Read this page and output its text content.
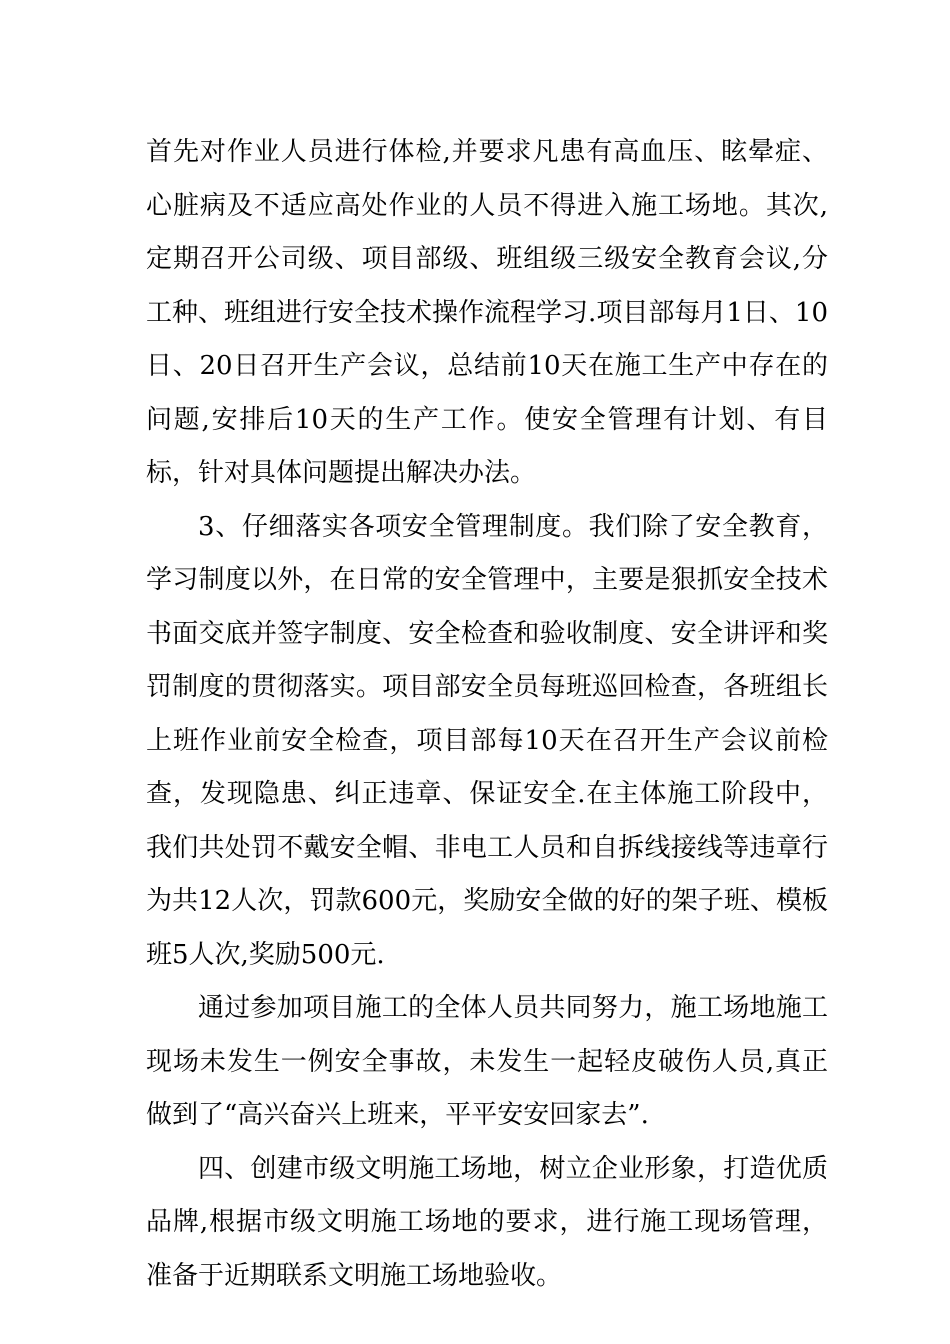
首先对作业人员进行体检,并要求凡患有高血压、眩晕症、心脏病及不适应高处作业的人员不得进入施工场地。其次,定期召开公司级、项目部级、班组级三级安全教育会议,分工种、班组进行安全技术操作流程学习.项目部每月1日、10日、20日召开生产会议，总结前10天在施工生产中存在的问题,安排后10天的生产工作。使安全管理有计划、有目标，针对具体问题提出解决办法。

3、仔细落实各项安全管理制度。我们除了安全教育，学习制度以外，在日常的安全管理中，主要是狠抓安全技术书面交底并签字制度、安全检查和验收制度、安全讲评和奖罚制度的贯彻落实。项目部安全员每班巡回检查，各班组长上班作业前安全检查，项目部每10天在召开生产会议前检查，发现隐患、纠正违章、保证安全.在主体施工阶段中，我们共处罚不戴安全帽、非电工人员和自拆线接线等违章行为共12人次，罚款600元，奖励安全做的好的架子班、模板班5人次,奖励500元.

通过参加项目施工的全体人员共同努力，施工场地施工现场未发生一例安全事故，未发生一起轻皮破伤人员,真正做到了“高兴奋兴上班来，平平安安回家去”.

四、创建市级文明施工场地，树立企业形象，打造优质品牌,根据市级文明施工场地的要求，进行施工现场管理，准备于近期联系文明施工场地验收。
